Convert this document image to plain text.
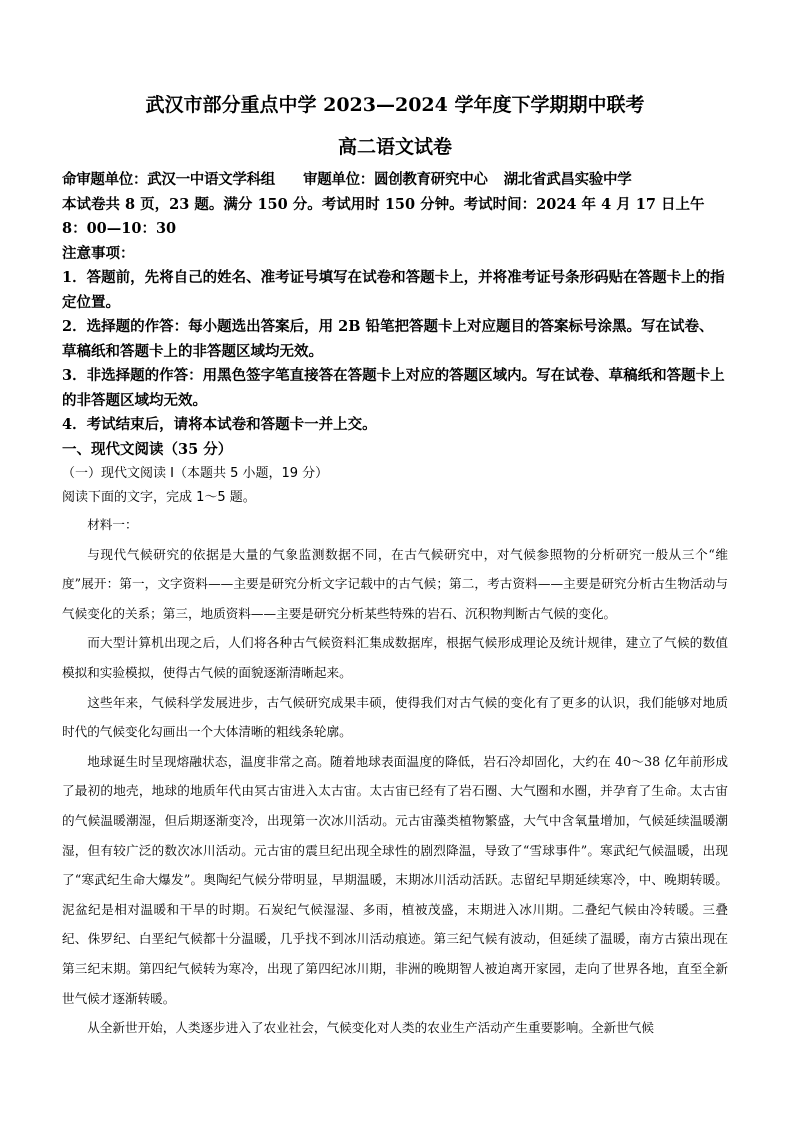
武汉市部分重点中学 2023—2024 学年度下学期期中联考
高二语文试卷
命审题单位：武汉一中语文学科组 审题单位：圆创教育研究中心 湖北省武昌实验中学
本试卷共 8 页，23 题。满分 150 分。考试用时 150 分钟。考试时间：2024 年 4 月 17 日上午
8：00—10：30
注意事项：
1．答题前，先将自己的姓名、准考证号填写在试卷和答题卡上，并将准考证号条形码贴在答题卡上的指定位置。
2．选择题的作答：每小题选出答案后，用 2B 铅笔把答题卡上对应题目的答案标号涂黑。写在试卷、草稿纸和答题卡上的非答题区域均无效。
3．非选择题的作答：用黑色签字笔直接答在答题卡上对应的答题区域内。写在试卷、草稿纸和答题卡上的非答题区域均无效。
4．考试结束后，请将本试卷和答题卡一并上交。
一、现代文阅读（35 分）
（一）现代文阅读 I（本题共 5 小题，19 分）
阅读下面的文字，完成 1～5 题。

材料一：

与现代气候研究的依据是大量的气象监测数据不同，在古气候研究中，对气候参照物的分析研究一般从三个“维度”展开：第一，文字资料——主要是研究分析文字记载中的古气候；第二，考古资料——主要是研究分析古生物活动与气候变化的关系；第三，地质资料——主要是研究分析某些特殊的岩石、沉积物判断古气候的变化。

而大型计算机出现之后，人们将各种古气候资料汇集成数据库，根据气候形成理论及统计规律，建立了气候的数值模拟和实验模拟，使得古气候的面貌逐渐清晰起来。

这些年来，气候科学发展进步，古气候研究成果丰硕，使得我们对古气候的变化有了更多的认识，我们能够对地质时代的气候变化勾画出一个大体清晰的粗线条轮廓。

地球诞生时呈现熔融状态，温度非常之高。随着地球表面温度的降低，岩石冷却固化，大约在 40～38 亿年前形成了最初的地壳，地球的地质年代由冥古宙进入太古宙。太古宙已经有了岩石圈、大气圈和水圈，并孕育了生命。太古宙的气候温暖潮湿，但后期逐渐变冷，出现第一次冰川活动。元古宙藻类植物繁盛，大气中含氧量增加，气候延续温暖潮湿，但有较广泛的数次冰川活动。元古宙的震旦纪出现全球性的剧烈降温，导致了“雪球事件”。寒武纪气候温暖，出现了“寒武纪生命大爆发”。奥陶纪气候分带明显，早期温暖，末期冰川活动活跃。志留纪早期延续寒冷，中、晚期转暖。泥盆纪是相对温暖和干旱的时期。石炭纪气候湿湿、多雨，植被茂盛，末期进入冰川期。二叠纪气候由冷转暖。三叠纪、侏罗纪、白垩纪气候都十分温暖，几乎找不到冰川活动痕迹。第三纪气候有波动，但延续了温暖，南方古猿出现在第三纪末期。第四纪气候转为寒冷，出现了第四纪冰川期，非洲的晚期智人被迫离开家园，走向了世界各地，直至全新世气候才逐渐转暖。

从全新世开始，人类逐步进入了农业社会，气候变化对人类的农业生产活动产生重要影响。全新世气候
